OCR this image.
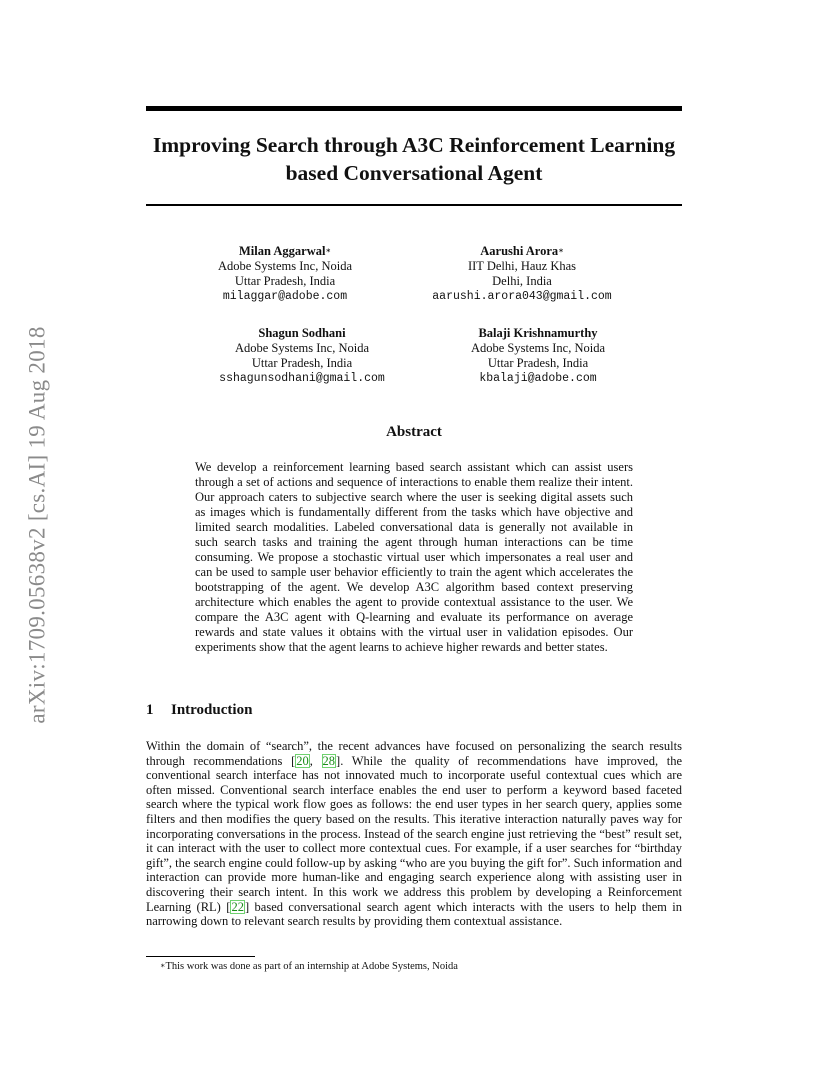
arXiv:1709.05638v2 [cs.AI] 19 Aug 2018
Improving Search through A3C Reinforcement Learning based Conversational Agent
Milan Aggarwal∗
Adobe Systems Inc, Noida
Uttar Pradesh, India
milaggar@adobe.com
Aarushi Arora∗
IIT Delhi, Hauz Khas
Delhi, India
aarushi.arora043@gmail.com
Shagun Sodhani
Adobe Systems Inc, Noida
Uttar Pradesh, India
sshagunsodhani@gmail.com
Balaji Krishnamurthy
Adobe Systems Inc, Noida
Uttar Pradesh, India
kbalaji@adobe.com
Abstract

We develop a reinforcement learning based search assistant which can assist users through a set of actions and sequence of interactions to enable them realize their intent. Our approach caters to subjective search where the user is seeking digital assets such as images which is fundamentally different from the tasks which have objective and limited search modalities. Labeled conversational data is generally not available in such search tasks and training the agent through human interactions can be time consuming. We propose a stochastic virtual user which impersonates a real user and can be used to sample user behavior efficiently to train the agent which accelerates the bootstrapping of the agent. We develop A3C algorithm based context preserving architecture which enables the agent to provide contextual assistance to the user. We compare the A3C agent with Q-learning and evaluate its performance on average rewards and state values it obtains with the virtual user in validation episodes. Our experiments show that the agent learns to achieve higher rewards and better states.

1 Introduction

Within the domain of “search”, the recent advances have focused on personalizing the search results through recommendations [20, 28]. While the quality of recommendations have improved, the conventional search interface has not innovated much to incorporate useful contextual cues which are often missed. Conventional search interface enables the end user to perform a keyword based faceted search where the typical work flow goes as follows: the end user types in her search query, applies some filters and then modifies the query based on the results. This iterative interaction naturally paves way for incorporating conversations in the process. Instead of the search engine just retrieving the “best” result set, it can interact with the user to collect more contextual cues. For example, if a user searches for “birthday gift”, the search engine could follow-up by asking “who are you buying the gift for”. Such information and interaction can provide more human-like and engaging search experience along with assisting user in discovering their search intent. In this work we address this problem by developing a Reinforcement Learning (RL) [22] based conversational search agent which interacts with the users to help them in narrowing down to relevant search results by providing them contextual assistance.

∗This work was done as part of an internship at Adobe Systems, Noida
